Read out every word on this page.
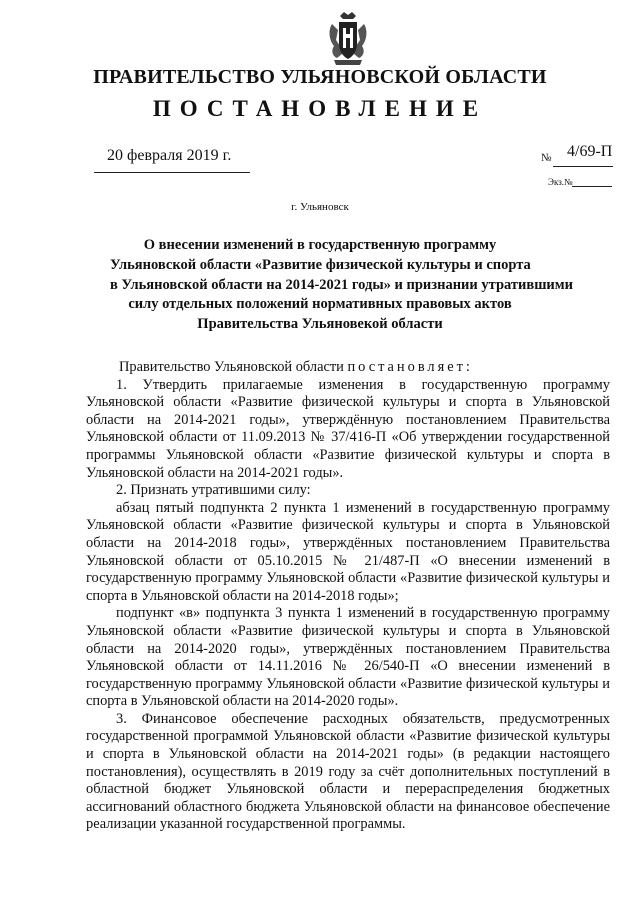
ПРАВИТЕЛЬСТВО УЛЬЯНОВСКОЙ ОБЛАСТИ
ПОСТАНОВЛЕНИЕ
20 февраля 2019 г.	№ 4/69-П
Экз.№
г. Ульяновск
О внесении изменений в государственную программу
Ульяновской области «Развитие физической культуры и спорта
в Ульяновской области на 2014-2021 годы» и признании утратившими
силу отдельных положений нормативных правовых актов
Правительства Ульяновекой области

Правительство Ульяновской области постановляет:

1. Утвердить прилагаемые изменения в государственную программу Ульяновской области «Развитие физической культуры и спорта в Ульяновской области на 2014-2021 годы», утверждённую постановлением Правительства Ульяновской области от 11.09.2013 № 37/416-П «Об утверждении государственной программы Ульяновской области «Развитие физической культуры и спорта в Ульяновской области на 2014-2021 годы».

2. Признать утратившими силу:

абзац пятый подпункта 2 пункта 1 изменений в государственную программу Ульяновской области «Развитие физической культуры и спорта в Ульяновской области на 2014-2018 годы», утверждённых постановлением Правительства Ульяновской области от 05.10.2015 № 21/487-П «О внесении изменений в государственную программу Ульяновской области «Развитие физической культуры и спорта в Ульяновской области на 2014-2018 годы»;

подпункт «в» подпункта 3 пункта 1 изменений в государственную программу Ульяновской области «Развитие физической культуры и спорта в Ульяновской области на 2014-2020 годы», утверждённых постановлением Правительства Ульяновской области от 14.11.2016 № 26/540-П «О внесении изменений в государственную программу Ульяновской области «Развитие физической культуры и спорта в Ульяновской области на 2014-2020 годы».

3. Финансовое обеспечение расходных обязательств, предусмотренных государственной программой Ульяновской области «Развитие физической культуры и спорта в Ульяновской области на 2014-2021 годы» (в редакции настоящего постановления), осуществлять в 2019 году за счёт дополнительных поступлений в областной бюджет Ульяновской области и перераспределения бюджетных ассигнований областного бюджета Ульяновской области на финансовое обеспечение реализации указанной государственной программы.
